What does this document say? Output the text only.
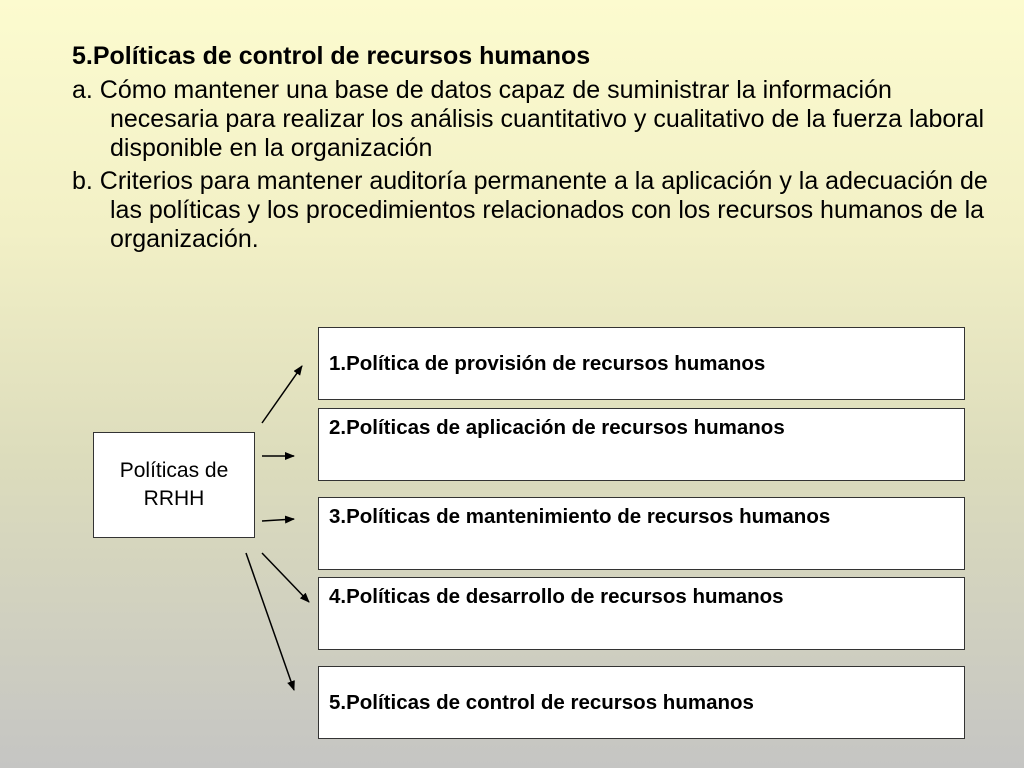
5.Políticas de control de recursos humanos
a. Cómo mantener una base de datos capaz de suministrar la información necesaria para realizar los análisis cuantitativo y cualitativo de la fuerza laboral disponible en la organización
b. Criterios para mantener auditoría permanente a la aplicación y la adecuación de las políticas y los procedimientos relacionados con los recursos humanos de la organización.
Políticas de RRHH
1.Política de provisión de recursos humanos
2.Políticas de aplicación de recursos humanos
3.Políticas de mantenimiento de recursos humanos
4.Políticas de desarrollo de recursos humanos
5.Políticas de control de recursos humanos
